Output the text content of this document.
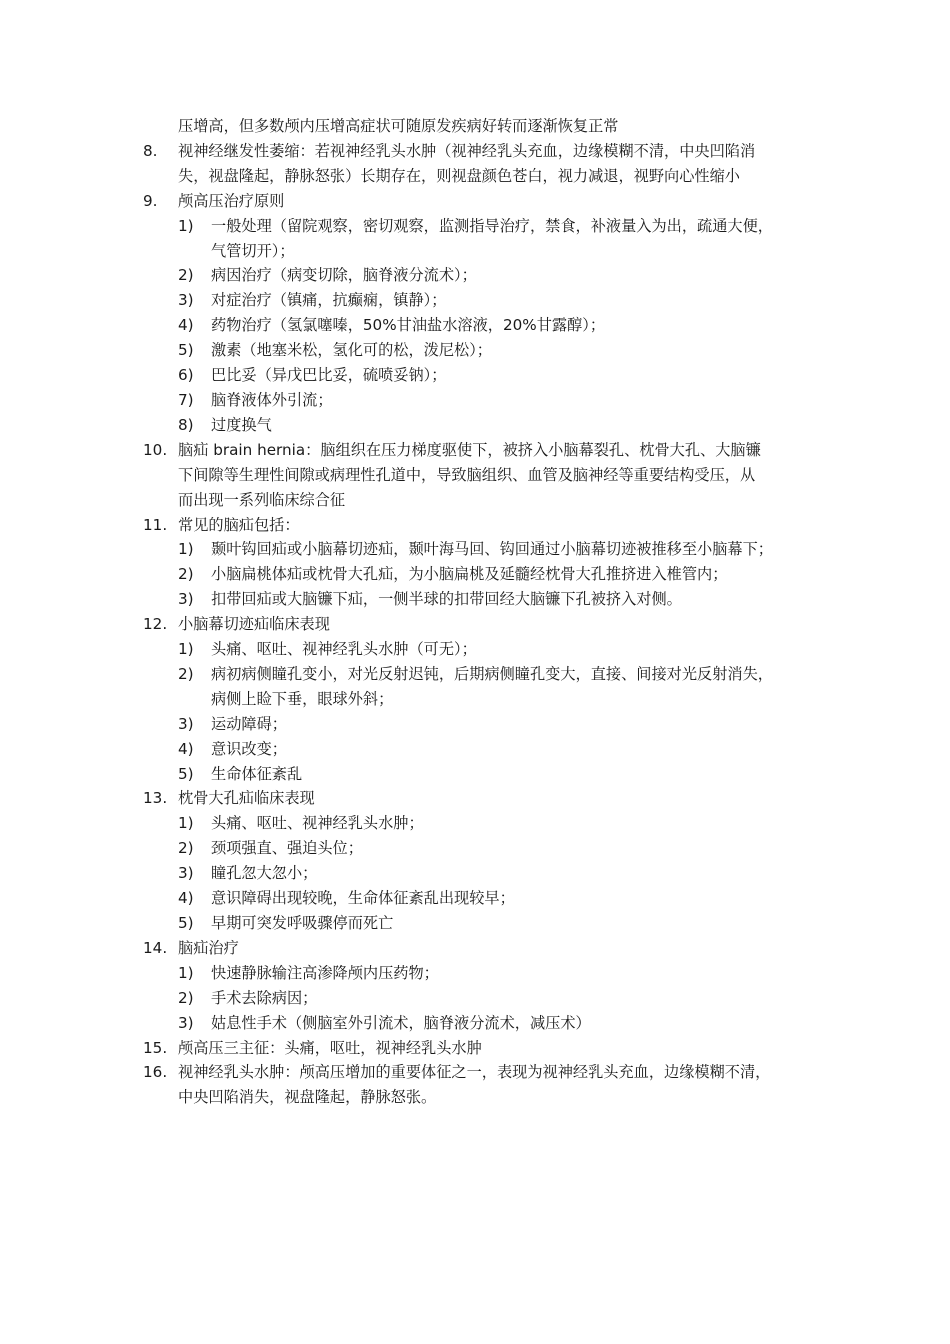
压增高，但多数颅内压增高症状可随原发疾病好转而逐渐恢复正常
8.	视神经继发性萎缩：若视神经乳头水肿（视神经乳头充血，边缘模糊不清，中央凹陷消
失，视盘隆起，静脉怒张）长期存在，则视盘颜色苍白，视力减退，视野向心性缩小
9.	颅高压治疗原则
1)	一般处理（留院观察，密切观察，监测指导治疗，禁食，补液量入为出，疏通大便，
气管切开）；
2)	病因治疗（病变切除，脑脊液分流术）；
3)	对症治疗（镇痛，抗癫痫，镇静）；
4)	药物治疗（氢氯噻嗪，50%甘油盐水溶液，20%甘露醇）；
5)	激素（地塞米松，氢化可的松，泼尼松）；
6)	巴比妥（异戊巴比妥，硫喷妥钠）；
7)	脑脊液体外引流；
8)	过度换气
10. 脑疝 brain hernia：脑组织在压力梯度驱使下，被挤入小脑幕裂孔、枕骨大孔、大脑镰
下间隙等生理性间隙或病理性孔道中，导致脑组织、血管及脑神经等重要结构受压，从
而出现一系列临床综合征
11. 常见的脑疝包括：
1)	颞叶钩回疝或小脑幕切迹疝，颞叶海马回、钩回通过小脑幕切迹被推移至小脑幕下；
2)	小脑扁桃体疝或枕骨大孔疝，为小脑扁桃及延髓经枕骨大孔推挤进入椎管内；
3)	扣带回疝或大脑镰下疝，一侧半球的扣带回经大脑镰下孔被挤入对侧。
12. 小脑幕切迹疝临床表现
1)	头痛、呕吐、视神经乳头水肿（可无）；
2)	病初病侧瞳孔变小，对光反射迟钝，后期病侧瞳孔变大，直接、间接对光反射消失，
病侧上睑下垂，眼球外斜；
3)	运动障碍；
4)	意识改变；
5)	生命体征紊乱
13. 枕骨大孔疝临床表现
1)	头痛、呕吐、视神经乳头水肿；
2)	颈项强直、强迫头位；
3)	瞳孔忽大忽小；
4)	意识障碍出现较晚，生命体征紊乱出现较早；
5)	早期可突发呼吸骤停而死亡
14. 脑疝治疗
1)	快速静脉输注高渗降颅内压药物；
2)	手术去除病因；
3)	姑息性手术（侧脑室外引流术，脑脊液分流术，减压术）
15. 颅高压三主征：头痛，呕吐，视神经乳头水肿
16. 视神经乳头水肿：颅高压增加的重要体征之一，表现为视神经乳头充血，边缘模糊不清，
中央凹陷消失，视盘隆起，静脉怒张。
